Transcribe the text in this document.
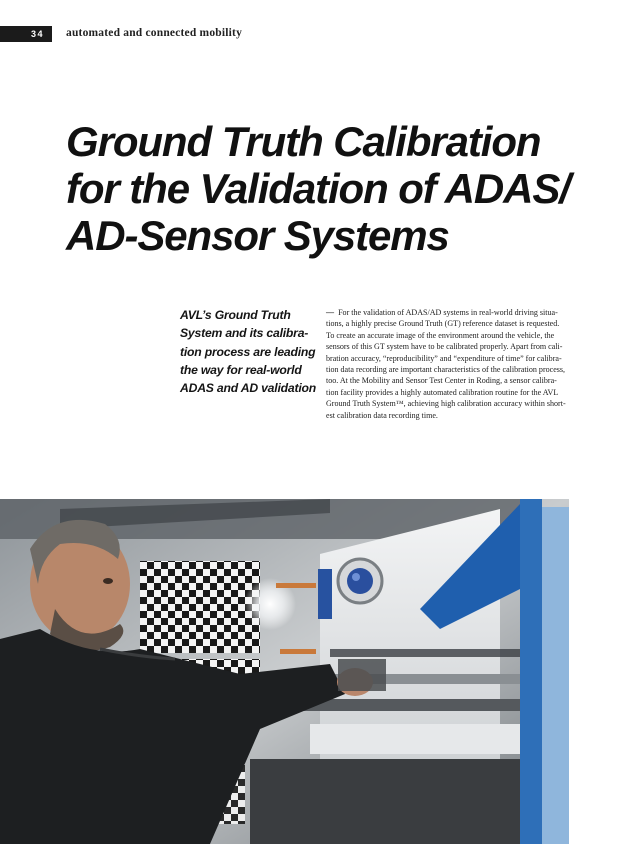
34	automated and connected mobility
Ground Truth Calibration
for the Validation of ADAS/
AD-Sensor Systems
AVL’s Ground Truth
System and its calibra-
tion process are leading
the way for real-world
ADAS and AD validation
— For the validation of ADAS/AD systems in real-world driving situa-
tions, a highly precise Ground Truth (GT) reference dataset is requested.
To create an accurate image of the environment around the vehicle, the
sensors of this GT system have to be calibrated properly. Apart from cali-
bration accuracy, “reproducibility” and “expenditure of time” for calibra-
tion data recording are important characteristics of the calibration process,
too. At the Mobility and Sensor Test Center in Roding, a sensor calibra-
tion facility provides a highly automated calibration routine for the AVL
Ground Truth System™, achieving high calibration accuracy within short-
est calibration data recording time.
